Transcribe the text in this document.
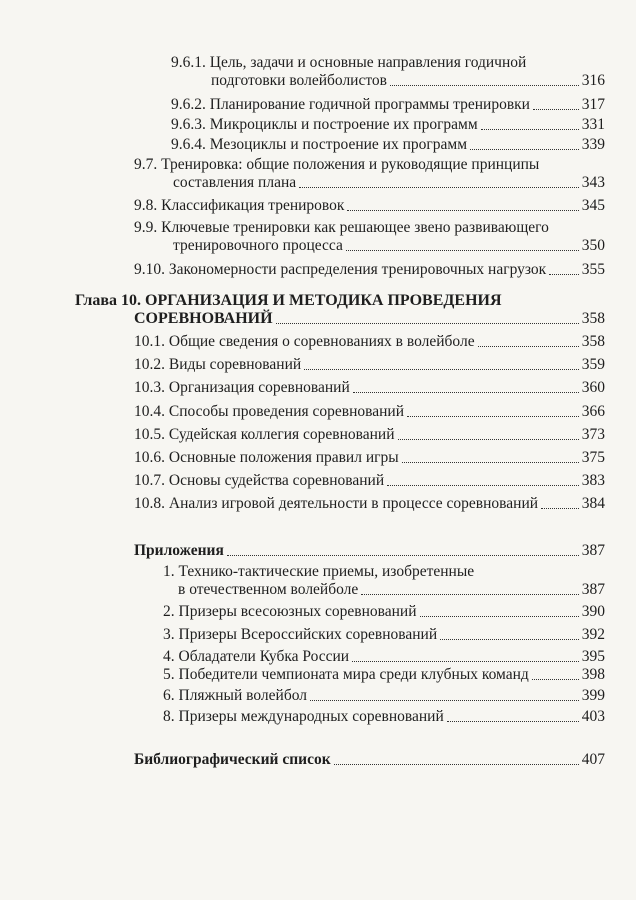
9.6.1. Цель, задачи и основные направления годичной
подготовки волейболистов	316
9.6.2. Планирование годичной программы тренировки	317
9.6.3. Микроциклы и построение их программ	331
9.6.4. Мезоциклы и построение их программ	339
9.7. Тренировка: общие положения и руководящие принципы
составления плана	343
9.8. Классификация тренировок	345
9.9. Ключевые тренировки как решающее звено развивающего
тренировочного процесса	350
9.10. Закономерности распределения тренировочных нагрузок 355
Глава 10. ОРГАНИЗАЦИЯ И МЕТОДИКА ПРОВЕДЕНИЯ
СОРЕВНОВАНИЙ	358
10.1. Общие сведения о соревнованиях в волейболе	358
10.2. Виды соревнований	359
10.3. Организация соревнований	360
10.4. Способы проведения соревнований	366
10.5. Судейская коллегия соревнований	373
10.6. Основные положения правил игры	375
10.7. Основы судейства соревнований	383
10.8. Анализ игровой деятельности в процессе соревнований	384
Приложения	387
1. Технико-тактические приемы, изобретенные
в отечественном волейболе	387
2. Призеры всесоюзных соревнований	390
3. Призеры Всероссийских соревнований	392
4. Обладатели Кубка России	395
5. Победители чемпионата мира среди клубных команд	398
6. Пляжный волейбол	399
8. Призеры международных соревнований	403
Библиографический список	407
